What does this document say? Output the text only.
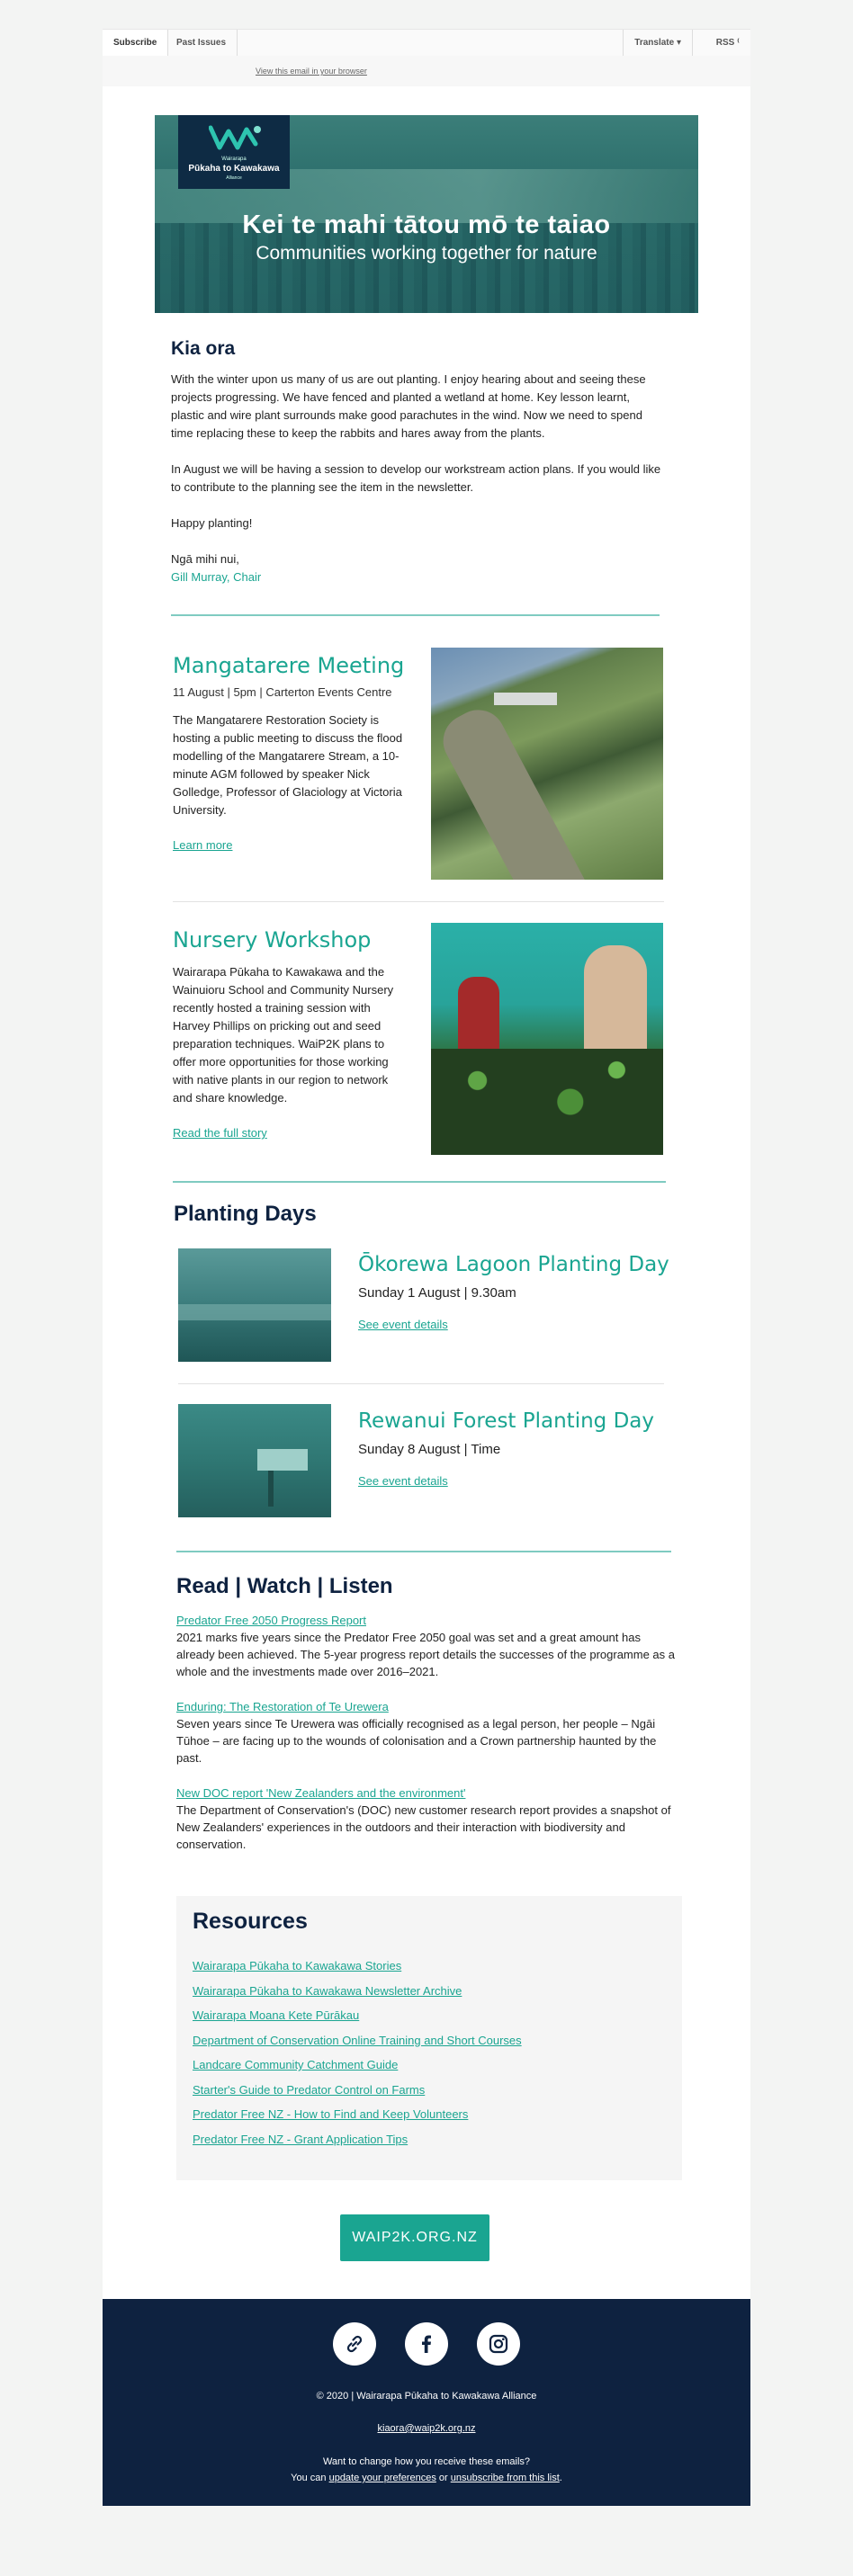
Subscribe	Past Issues	Translate ▾	RSS ⁽
View this email in your browser
Wairarapa
Pūkaha to Kawakawa
Alliance
Kei te mahi tātou mō te taiao
Communities working together for nature
Kia ora

With the winter upon us many of us are out planting. I enjoy hearing about and seeing these projects progressing. We have fenced and planted a wetland at home. Key lesson learnt, plastic and wire plant surrounds make good parachutes in the wind. Now we need to spend time replacing these to keep the rabbits and hares away from the plants.

In August we will be having a session to develop our workstream action plans. If you would like to contribute to the planning see the item in the newsletter.

Happy planting!

Ngā mihi nui,
Gill Murray, Chair
Mangatarere Meeting
11 August | 5pm | Carterton Events Centre

The Mangatarere Restoration Society is hosting a public meeting to discuss the flood modelling of the Mangatarere Stream, a 10-minute AGM followed by speaker Nick Golledge, Professor of Glaciology at Victoria University.

Learn more
Nursery Workshop

Wairarapa Pūkaha to Kawakawa and the Wainuioru School and Community Nursery recently hosted a training session with Harvey Phillips on pricking out and seed preparation techniques. WaiP2K plans to offer more opportunities for those working with native plants in our region to network and share knowledge.

Read the full story
Planting Days
Ōkorewa Lagoon Planting Day
Sunday 1 August | 9.30am
See event details
Rewanui Forest Planting Day
Sunday 8 August | Time
See event details
Read | Watch | Listen
Predator Free 2050 Progress Report
2021 marks five years since the Predator Free 2050 goal was set and a great amount has already been achieved. The 5-year progress report details the successes of the programme as a whole and the investments made over 2016–2021.
Enduring: The Restoration of Te Urewera
Seven years since Te Urewera was officially recognised as a legal person, her people – Ngāi Tūhoe – are facing up to the wounds of colonisation and a Crown partnership haunted by the past.
New DOC report 'New Zealanders and the environment'
The Department of Conservation's (DOC) new customer research report provides a snapshot of New Zealanders' experiences in the outdoors and their interaction with biodiversity and conservation.
Resources
Wairarapa Pūkaha to Kawakawa Stories
Wairarapa Pūkaha to Kawakawa Newsletter Archive
Wairarapa Moana Kete Pūrākau
Department of Conservation Online Training and Short Courses
Landcare Community Catchment Guide
Starter's Guide to Predator Control on Farms
Predator Free NZ - How to Find and Keep Volunteers
Predator Free NZ - Grant Application Tips
WAIP2K.ORG.NZ
© 2020 | Wairarapa Pūkaha to Kawakawa Alliance
kiaora@waip2k.org.nz
Want to change how you receive these emails?
You can update your preferences or unsubscribe from this list.
